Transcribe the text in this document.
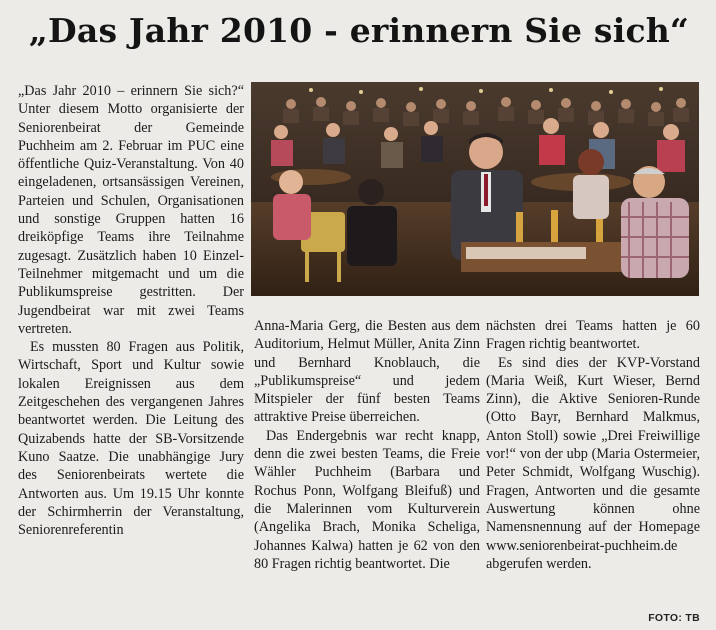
„Das Jahr 2010 - erinnern Sie sich“

„Das Jahr 2010 – erinnern Sie sich?“ Unter diesem Motto organisierte der Seniorenbeirat der Gemeinde Puchheim am 2. Februar im PUC eine öffentliche Quiz-Veranstaltung. Von 40 eingeladenen, ortsansässigen Vereinen, Parteien und Schulen, Organisationen und sonstige Gruppen hatten 16 dreiköpfige Teams ihre Teilnahme zugesagt. Zusätzlich haben 10 Einzel-Teilnehmer mitgemacht und um die Publikumspreise gestritten. Der Jugendbeirat war mit zwei Teams vertreten.

Es mussten 80 Fragen aus Politik, Wirtschaft, Sport und Kultur sowie lokalen Ereignissen aus dem Zeitgeschehen des vergangenen Jahres beantwortet werden. Die Leitung des Quizabends hatte der SB-Vorsitzende Kuno Saatze. Die unabhängige Jury des Seniorenbeirats wertete die Antworten aus. Um 19.15 Uhr konnte der Schirmherrin der Veranstaltung, Seniorenreferentin

Anna-Maria Gerg, die Besten aus dem Auditorium, Helmut Müller, Anita Zinn und Bernhard Knoblauch, die „Publikumspreise“ und jedem Mitspieler der fünf besten Teams attraktive Preise überreichen.

Das Endergebnis war recht knapp, denn die zwei besten Teams, die Freie Wähler Puchheim (Barbara und Rochus Ponn, Wolfgang Bleifuß) und die Malerinnen vom Kulturverein (Angelika Brach, Monika Scheliga, Johannes Kalwa) hatten je 62 von den 80 Fragen richtig beantwortet. Die

nächsten drei Teams hatten je 60 Fragen richtig beantwortet.

Es sind dies der KVP-Vorstand (Maria Weiß, Kurt Wieser, Bernd Zinn), die Aktive Senioren-Runde (Otto Bayr, Bernhard Malkmus, Anton Stoll) sowie „Drei Freiwillige vor!“ von der ubp (Maria Ostermeier, Peter Schmidt, Wolfgang Wuschig). Fragen, Antworten und die gesamte Auswertung können ohne Namensnennung auf der Homepage www.seniorenbeirat-puchheim.de abgerufen werden.

FOTO: TB
